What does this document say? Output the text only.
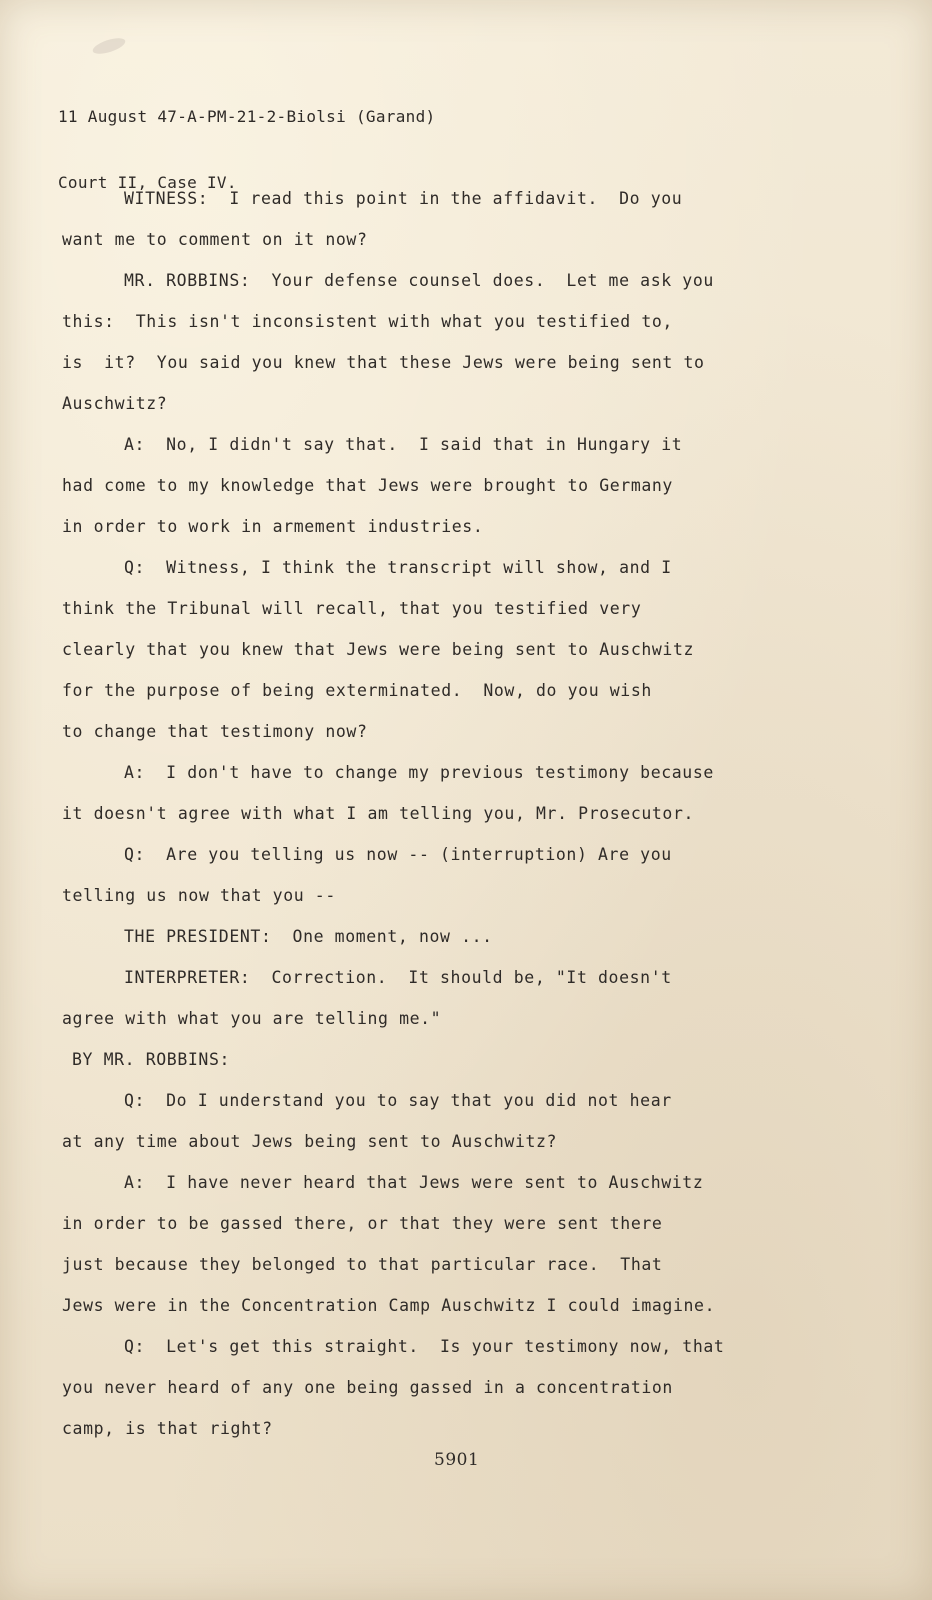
11 August 47-A-PM-21-2-Biolsi (Garand)

Court II, Case IV.

WITNESS:  I read this point in the affidavit.  Do you
want me to comment on it now?
MR. ROBBINS:  Your defense counsel does.  Let me ask you
this:  This isn't inconsistent with what you testified to,
is  it?  You said you knew that these Jews were being sent to
Auschwitz?
A:  No, I didn't say that.  I said that in Hungary it
had come to my knowledge that Jews were brought to Germany
in order to work in armement industries.
Q:  Witness, I think the transcript will show, and I
think the Tribunal will recall, that you testified very
clearly that you knew that Jews were being sent to Auschwitz
for the purpose of being exterminated.  Now, do you wish
to change that testimony now?
A:  I don't have to change my previous testimony because
it doesn't agree with what I am telling you, Mr. Prosecutor.
Q:  Are you telling us now -- (interruption) Are you
telling us now that you --
THE PRESIDENT:  One moment, now ...
INTERPRETER:  Correction.  It should be, "It doesn't
agree with what you are telling me."
BY MR. ROBBINS:
Q:  Do I understand you to say that you did not hear
at any time about Jews being sent to Auschwitz?
A:  I have never heard that Jews were sent to Auschwitz
in order to be gassed there, or that they were sent there
just because they belonged to that particular race.  That
Jews were in the Concentration Camp Auschwitz I could imagine.
Q:  Let's get this straight.  Is your testimony now, that
you never heard of any one being gassed in a concentration
camp, is that right?
5901
